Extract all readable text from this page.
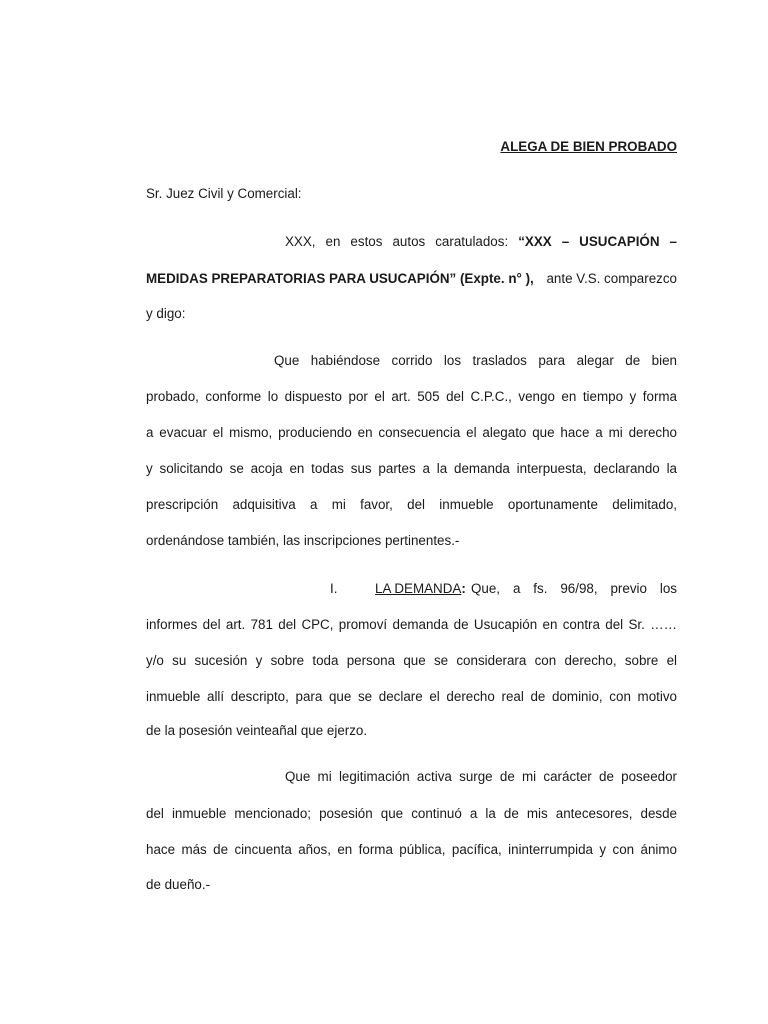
ALEGA DE BIEN PROBADO
Sr. Juez Civil y Comercial:
XXX, en estos autos caratulados: “XXX – USUCAPIÓN –
MEDIDAS PREPARATORIAS PARA USUCAPIÓN” (Expte. n° ), ante V.S. comparezco
y digo:
Que habiéndose corrido los traslados para alegar de bien
probado, conforme lo dispuesto por el art. 505 del C.P.C., vengo en tiempo y forma
a evacuar el mismo, produciendo en consecuencia el alegato que hace a mi derecho
y solicitando se acoja en todas sus partes a la demanda interpuesta, declarando la
prescripción adquisitiva a mi favor, del inmueble oportunamente delimitado,
ordenándose también, las inscripciones pertinentes.-
I.	LA DEMANDA: Que, a fs. 96/98, previo los
informes del art. 781 del CPC, promoví demanda de Usucapión en contra del Sr. ……
y/o su sucesión y sobre toda persona que se considerara con derecho, sobre el
inmueble allí descripto, para que se declare el derecho real de dominio, con motivo
de la posesión veinteañal que ejerzo.
Que mi legitimación activa surge de mi carácter de poseedor
del inmueble mencionado; posesión que continuó a la de mis antecesores, desde
hace más de cincuenta años, en forma pública, pacífica, ininterrumpida y con ánimo
de dueño.-
